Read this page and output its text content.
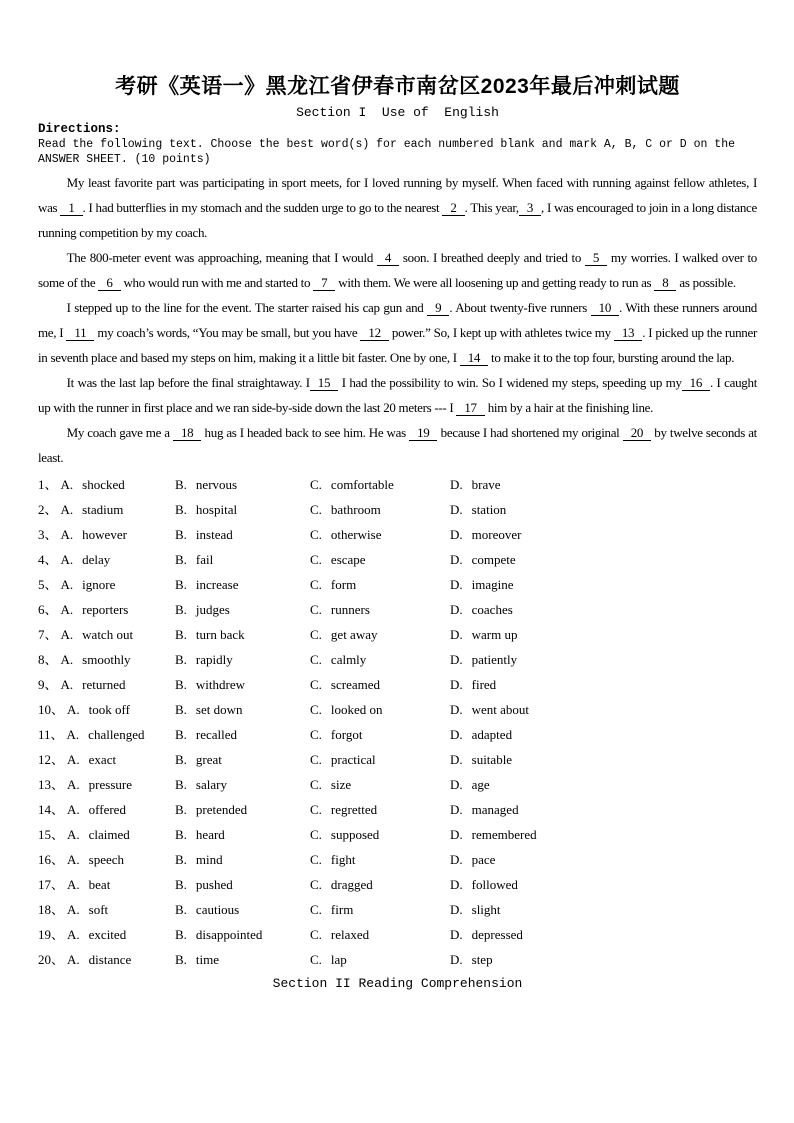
考研《英语一》黑龙江省伊春市南岔区2023年最后冲刺试题
Section I  Use of  English
Directions:
Read the following text. Choose the best word(s) for each numbered blank and mark A, B, C or D on the
ANSWER SHEET. (10 points)

My least favorite part was participating in sport meets, for I loved running by myself. When faced with running against fellow athletes, I was 1 . I had butterflies in my stomach and the sudden urge to go to the nearest 2 . This year, 3 , I was encouraged to join in a long distance running competition by my coach.

The 800-meter event was approaching, meaning that I would 4 soon. I breathed deeply and tried to 5 my worries. I walked over to some of the 6 who would run with me and started to 7 with them. We were all loosening up and getting ready to run as 8 as possible.

I stepped up to the line for the event. The starter raised his cap gun and 9 . About twenty-five runners 10 . With these runners around me, I 11 my coach’s words, “You may be small, but you have 12 power.” So, I kept up with athletes twice my 13 . I picked up the runner in seventh place and based my steps on him, making it a little bit faster. One by one, I 14 to make it to the top four, bursting around the lap.

It was the last lap before the final straightaway. I 15 I had the possibility to win. So I widened my steps, speeding up my 16 . I caught up with the runner in first place and we ran side-by-side down the last 20 meters --- I 17 him by a hair at the finishing line.

My coach gave me a 18 hug as I headed back to see him. He was 19 because I had shortened my original 20 by twelve seconds at least.

1、 A. shocked	B. nervous	C. comfortable	D. brave
2、 A. stadium	B. hospital	C. bathroom	D. station
3、 A. however	B. instead	C. otherwise	D. moreover
4、 A. delay	B. fail	C. escape	D. compete
5、 A. ignore	B. increase	C. form	D. imagine
6、 A. reporters	B. judges	C. runners	D. coaches
7、 A. watch out	B. turn back	C. get away	D. warm up
8、 A. smoothly	B. rapidly	C. calmly	D. patiently
9、 A. returned	B. withdrew	C. screamed	D. fired
10、 A. took off	B. set down	C. looked on	D. went about
11、 A. challenged	B. recalled	C. forgot	D. adapted
12、 A. exact	B. great	C. practical	D. suitable
13、 A. pressure	B. salary	C. size	D. age
14、 A. offered	B. pretended	C. regretted	D. managed
15、 A. claimed	B. heard	C. supposed	D. remembered
16、 A. speech	B. mind	C. fight	D. pace
17、 A. beat	B. pushed	C. dragged	D. followed
18、 A. soft	B. cautious	C. firm	D. slight
19、 A. excited	B. disappointed	C. relaxed	D. depressed
20、 A. distance	B. time	C. lap	D. step
Section II Reading Comprehension
